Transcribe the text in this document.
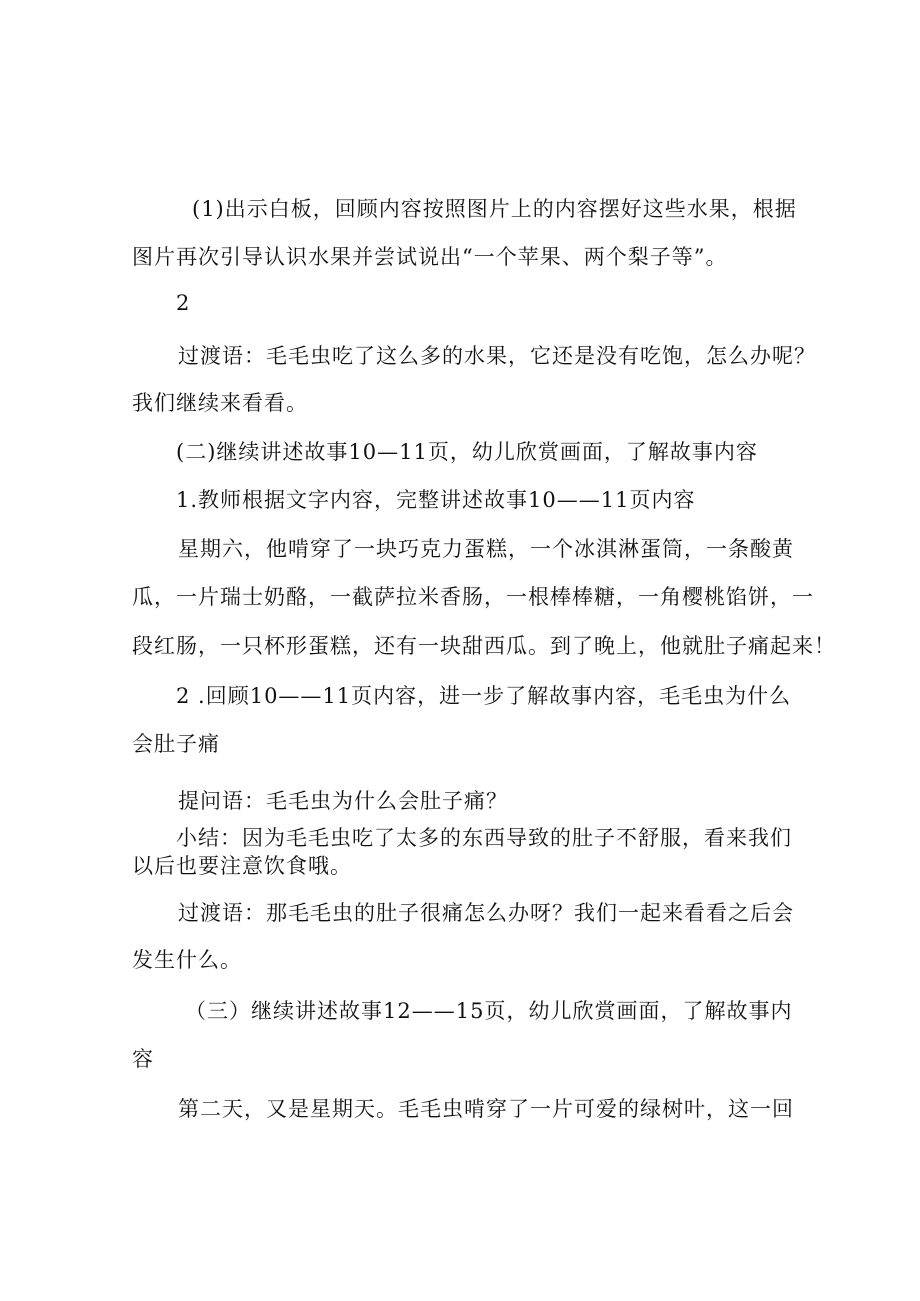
(1)出示白板，回顾内容按照图片上的内容摆好这些水果，根据
图片再次引导认识水果并尝试说出“一个苹果、两个梨子等”。
2
过渡语：毛毛虫吃了这么多的水果，它还是没有吃饱，怎么办呢？
我们继续来看看。
(二)继续讲述故事10—11页，幼儿欣赏画面，了解故事内容
1.教师根据文字内容，完整讲述故事10——11页内容
星期六，他啃穿了一块巧克力蛋糕，一个冰淇淋蛋筒，一条酸黄
瓜，一片瑞士奶酪，一截萨拉米香肠，一根棒棒糖，一角樱桃馅饼，一
段红肠，一只杯形蛋糕，还有一块甜西瓜。到了晚上，他就肚子痛起来！
2 .回顾10——11页内容，进一步了解故事内容，毛毛虫为什么
会肚子痛
提问语：毛毛虫为什么会肚子痛？
小结：因为毛毛虫吃了太多的东西导致的肚子不舒服，看来我们
以后也要注意饮食哦。
过渡语：那毛毛虫的肚子很痛怎么办呀？我们一起来看看之后会
发生什么。
（三）继续讲述故事12——15页，幼儿欣赏画面，了解故事内
容
第二天，又是星期天。毛毛虫啃穿了一片可爱的绿树叶，这一回
